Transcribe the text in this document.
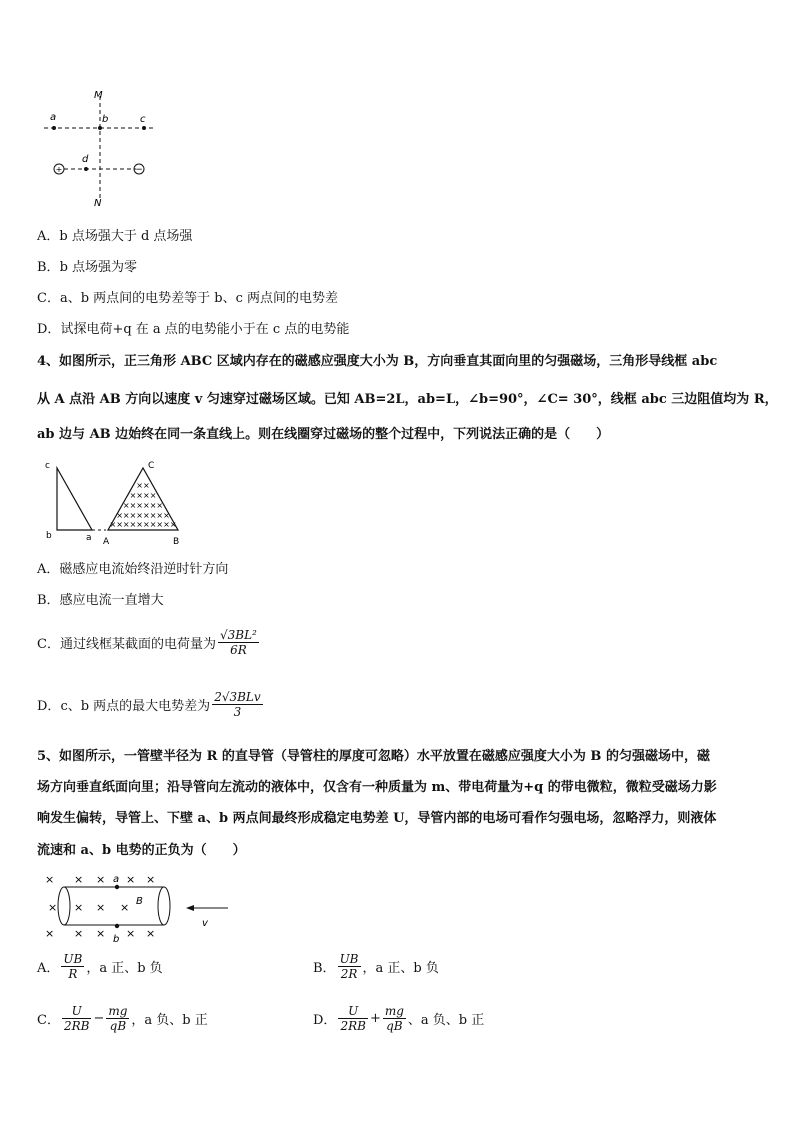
+	−
M
a	b	c
d
N
A．b 点场强大于 d 点场强
B．b 点场强为零
C．a、b 两点间的电势差等于 b、c 两点间的电势差
D．试探电荷+q 在 a 点的电势能小于在 c 点的电势能
4、如图所示，正三角形 ABC 区域内存在的磁感应强度大小为 B，方向垂直其面向里的匀强磁场，三角形导线框 abc
从 A 点沿 AB 方向以速度 v 匀速穿过磁场区域。已知 AB=2L，ab=L，∠b=90°，∠C= 30°，线框 abc 三边阻值均为 R，
ab 边与 AB 边始终在同一条直线上。则在线圈穿过磁场的整个过程中，下列说法正确的是（　　）
××
××××
××××××
××××××××
××××××××××
c
b	a A	B
C
A．磁感应电流始终沿逆时针方向
B．感应电流一直增大
C． 通过线框某截面的电荷量为 $\frac{\text{√3BL²}}{6R}$
D． c、b 两点的最大电势差为 $\frac{\text{2√3BLv}}{3}$
5、如图所示，一管壁半径为 R 的直导管（导管柱的厚度可忽略）水平放置在磁感应强度大小为 B 的匀强磁场中，磁
场方向垂直纸面向里；沿导管向左流动的液体中，仅含有一种质量为 m、带电荷量为+q 的带电微粒，微粒受磁场力影
响发生偏转，导管上、下壁 a、b 两点间最终形成稳定电势差 U，导管内部的电场可看作匀强电场，忽略浮力，则液体
流速和 a、b 电势的正负为（　　）
× × × × ×
× × × ×
× × × × ×
a
b
B
v
A． $\frac{UB}{R}$ ，a 正、b 负	B． $\frac{UB}{2R}$ ，a 正、b 负
C． $\frac{U}{2RB} - \frac{mg}{qB}$ ，a 负、b 正	D． $\frac{U}{2RB} + \frac{mg}{qB}$ 、a 负、b 正
